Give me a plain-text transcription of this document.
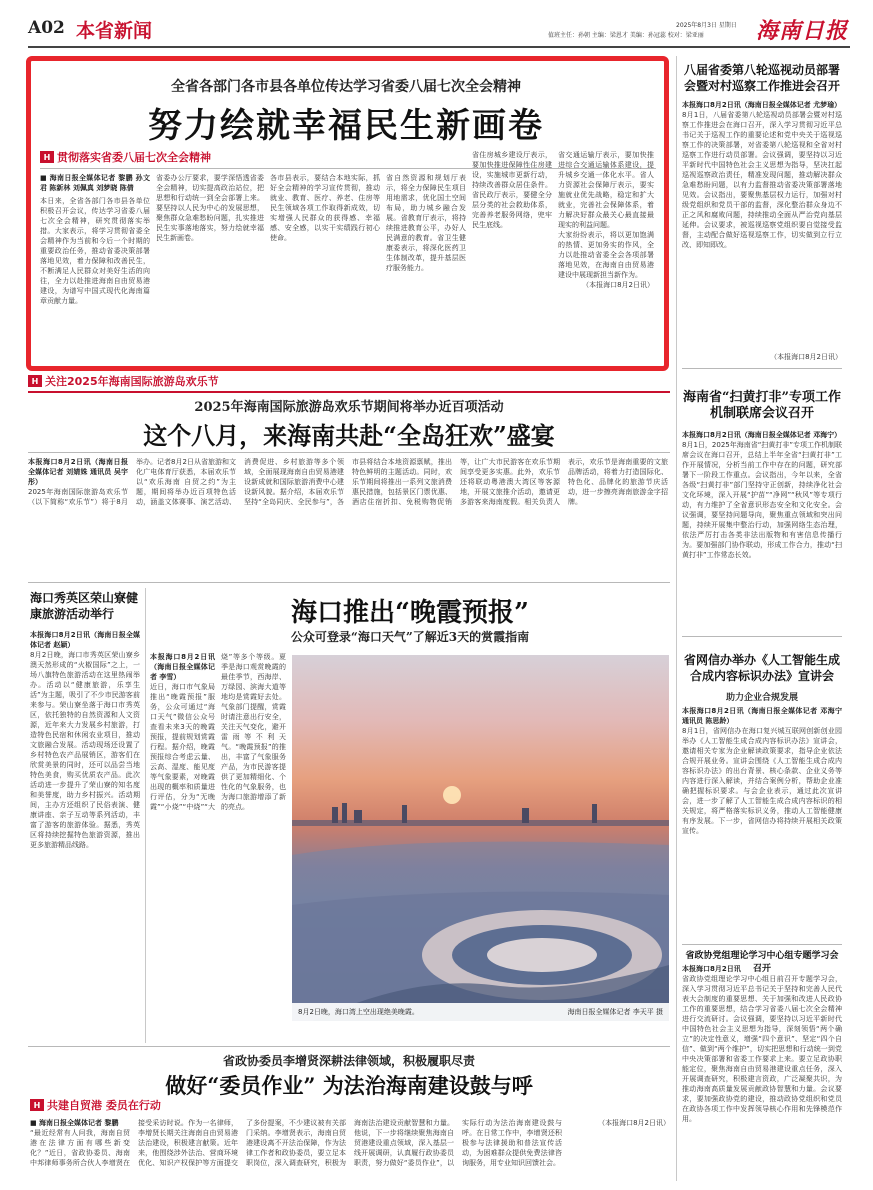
A02 本省新闻	值班主任：孙朝 主编：梁恩才 美编：孙冠蕊 校对：梁亚丽
2025年8月3日 星期日 海南日报
全省各部门各市县各单位传达学习省委八届七次全会精神
努力绘就幸福民生新画卷
H 贯彻落实省委八届七次全会精神

■ 海南日报全媒体记者 黎鹏 孙文君 陈新林 刘佩真 刘梦晓 陈倩

本日来，全省各部门各市县各单位积极召开会议，传达学习省委八届七次全会精神，研究贯彻落实举措。大家表示，将学习贯彻省委全会精神作为当前和今后一个时期的重要政治任务，推动省委决策部署落地见效，着力保障和改善民生，不断满足人民群众对美好生活的向往，全力以赴推进海南自由贸易港建设，为谱写中国式现代化海南篇章贡献力量。

省委办公厅要求，要学深悟透省委全会精神，切实提高政治站位，把思想和行动统一到全会部署上来。要坚持以人民为中心的发展思想，聚焦群众急难愁盼问题，扎实推进民生实事落地落实，努力绘就幸福民生新画卷。

各市县表示，要结合本地实际，抓好全会精神的学习宣传贯彻，推动就业、教育、医疗、养老、住房等民生领域各项工作取得新成效，切实增强人民群众的获得感、幸福感、安全感，以实干实绩践行初心使命。

省自然资源和规划厅表示，将全力保障民生项目用地需求，优化国土空间布局，助力城乡融合发展。省教育厅表示，将持续推进教育公平，办好人民满意的教育。省卫生健康委表示，将深化医药卫生体制改革，提升基层医疗服务能力。

省住房城乡建设厅表示，要加快推进保障性住房建设，实施城市更新行动，持续改善群众居住条件。省民政厅表示，要健全分层分类的社会救助体系，完善养老服务网络，兜牢民生底线。

省交通运输厅表示，要加快推进综合交通运输体系建设，提升城乡交通一体化水平。省人力资源社会保障厅表示，要实施就业优先战略，稳定和扩大就业，完善社会保障体系，着力解决好群众最关心最直接最现实的利益问题。

大家纷纷表示，将以更加饱满的热情、更加务实的作风，全力以赴推动省委全会各项部署落地见效，在海南自由贸易港建设中展现新担当新作为。

（本报海口8月2日讯）

八届省委第八轮巡视动员部署会暨对村巡察工作推进会召开

本报海口8月2日讯（海南日报全媒体记者 尤梦瑜）

8月1日，八届省委第八轮巡视动员部署会暨对村巡察工作推进会在海口召开，深入学习贯彻习近平总书记关于巡视工作的重要论述和党中央关于巡视巡察工作的决策部署，对省委第八轮巡视和全省对村巡察工作进行动员部署。会议强调，要坚持以习近平新时代中国特色社会主义思想为指导，坚决扛起巡视巡察政治责任，精准发现问题，推动解决群众急难愁盼问题，以有力监督推动省委决策部署落地见效。会议指出，要聚焦基层权力运行，加强对村级党组织和党员干部的监督，深化整治群众身边不正之风和腐败问题，持续推动全面从严治党向基层延伸。会议要求，被巡视巡察党组织要自觉接受监督，主动配合做好巡视巡察工作，切实做到立行立改、即知即改。

（本报海口8月2日讯）
海南省“扫黄打非”专项工作机制联席会议召开

本报海口8月2日讯（海南日报全媒体记者 邓海宁）

8月1日，2025年海南省“扫黄打非”专项工作机制联席会议在海口召开，总结上半年全省“扫黄打非”工作开展情况，分析当前工作中存在的问题，研究部署下一阶段工作重点。会议指出，今年以来，全省各级“扫黄打非”部门坚持守正创新，持续净化社会文化环境，深入开展“护苗”“净网”“秋风”等专项行动，有力维护了全省意识形态安全和文化安全。会议强调，要坚持问题导向，聚焦重点领域和突出问题，持续开展集中整治行动，加强网络生态治理，依法严厉打击各类非法出版物和有害信息传播行为。要加强部门协作联动，形成工作合力，推动“扫黄打非”工作常态长效。

省网信办举办《人工智能生成合成内容标识办法》宣讲会
助力企业合规发展

本报海口8月2日讯（海南日报全媒体记者 邓海宁 通讯员 陈思龄）

8月1日，省网信办在海口复兴城互联网创新创业园举办《人工智能生成合成内容标识办法》宣讲会，邀请相关专家为企业解读政策要求，指导企业依法合规开展业务。宣讲会围绕《人工智能生成合成内容标识办法》的出台背景、核心条款、企业义务等内容进行深入解读，并结合案例分析，帮助企业准确把握标识要求。与会企业表示，通过此次宣讲会，进一步了解了人工智能生成合成内容标识的相关规定，将严格落实标识义务，推动人工智能健康有序发展。下一步，省网信办将持续开展相关政策宣传。

省政协党组理论学习中心组专题学习会召开

本报海口8月2日讯

省政协党组理论学习中心组日前召开专题学习会，深入学习贯彻习近平总书记关于坚持和完善人民代表大会制度的重要思想、关于加强和改进人民政协工作的重要思想，结合学习省委八届七次全会精神进行交流研讨。会议强调，要坚持以习近平新时代中国特色社会主义思想为指导，深刻领悟“两个确立”的决定性意义，增强“四个意识”、坚定“四个自信”、做到“两个维护”，切实把思想和行动统一到党中央决策部署和省委工作要求上来。要立足政协职能定位，聚焦海南自由贸易港建设重点任务，深入开展调查研究，积极建言资政，广泛凝聚共识，为推动海南高质量发展贡献政协智慧和力量。会议要求，要加强政协党的建设，推动政协党组织和党员在政协各项工作中发挥领导核心作用和先锋模范作用。

H 关注2025年海南国际旅游岛欢乐节
2025年海南国际旅游岛欢乐节期间将举办近百项活动
这个八月，来海南共赴“全岛狂欢”盛宴

本报海口8月2日讯（海南日报全媒体记者 刘婧姝 通讯员 吴宇彤）

2025年海南国际旅游岛欢乐节（以下简称“欢乐节”）将于8月举办。记者8月2日从省旅游和文化广电体育厅获悉，本届欢乐节以“欢乐海南 自贸之约”为主题，期间将举办近百项特色活动，涵盖文体赛事、演艺活动、消费促进、乡村旅游等多个领域，全面展现海南自由贸易港建设新成就和国际旅游消费中心建设新风貌。据介绍，本届欢乐节坚持“全岛同庆、全民参与”，各市县将结合本地资源禀赋，推出特色鲜明的主题活动。同时，欢乐节期间将推出一系列文旅消费惠民措施，包括景区门票优惠、酒店住宿折扣、免税购物促销等，让广大市民游客在欢乐节期间享受更多实惠。此外，欢乐节还将联动粤港澳大湾区等客源地，开展文旅推介活动，邀请更多游客来海南度假。相关负责人表示，欢乐节是海南重要的文旅品牌活动，将着力打造国际化、特色化、品牌化的旅游节庆活动，进一步擦亮海南旅游金字招牌。

海口秀英区荣山寮健康旅游活动举行

本报海口8月2日讯（海南日报全媒体记者 赵颖）

8月2日晚，海口市秀英区荣山寮乡澳天然形成的“火椒国际”之上，一场八旗特色旅游活动在这里热闹举办。活动以“健康旅游，乐享生活”为主题，吸引了不少市民游客前来参与。荣山寮坐落于海口市秀英区，依托独特的自然资源和人文资源，近年来大力发展乡村旅游，打造特色民宿和休闲农业项目，推动文旅融合发展。活动现场还设置了乡村特色农产品展销区，游客们在欣赏美景的同时，还可以品尝当地特色美食，购买优质农产品。此次活动进一步提升了荣山寮的知名度和美誉度，助力乡村振兴。活动期间，主办方还组织了民俗表演、健康讲座、亲子互动等系列活动，丰富了游客的旅游体验。据悉，秀英区将持续挖掘特色旅游资源，推出更多旅游精品线路。

海口推出“晚霞预报”
公众可登录“海口天气”了解近3天的赏霞指南

本报海口8月2日讯（海南日报全媒体记者 李雪）

近日，海口市气象局推出“晚霞预报”服务，公众可通过“海口天气”微信公众号查看未来3天的晚霞预报，提前规划赏霞行程。据介绍，晚霞预报综合考虑云量、云高、湿度、能见度等气象要素，对晚霞出现的概率和质量进行评估，分为“无晚霞”“小烧”“中烧”“大烧”等多个等级。夏季是海口观赏晚霞的最佳季节，西海岸、万绿园、滨海大道等地均是赏霞好去处。气象部门提醒，赏霞时请注意出行安全，关注天气变化，避开雷雨等不利天气。“晚霞预报”的推出，丰富了气象服务产品，为市民游客提供了更加精细化、个性化的气象服务，也为海口旅游增添了新的亮点。

8月2日晚，海口湾上空出现绝美晚霞。	海南日报全媒体记者 李天平 摄
省政协委员李增贤深耕法律领域，积极履职尽责
做好“委员作业” 为法治海南建设鼓与呼
H 共建自贸港 委员在行动

■ 海南日报全媒体记者 黎鹏

“最近经常有人问我，海南自贸港在法律方面有哪些新变化？”近日，省政协委员、海南中邦律师事务所合伙人李增贤在接受采访时说。作为一名律师，李增贤长期关注海南自由贸易港法治建设，积极建言献策。近年来，他围绕涉外法治、营商环境优化、知识产权保护等方面提交了多份提案，不少建议被有关部门采纳。李增贤表示，海南自贸港建设离不开法治保障，作为法律工作者和政协委员，要立足本职岗位，深入调查研究，积极为海南法治建设贡献智慧和力量。他说，下一步将继续聚焦海南自贸港建设重点领域，深入基层一线开展调研，认真履行政协委员职责，努力做好“委员作业”，以实际行动为法治海南建设鼓与呼。在日常工作中，李增贤还积极参与法律援助和普法宣传活动，为困难群众提供免费法律咨询服务，用专业知识回馈社会。

（本报海口8月2日讯）
